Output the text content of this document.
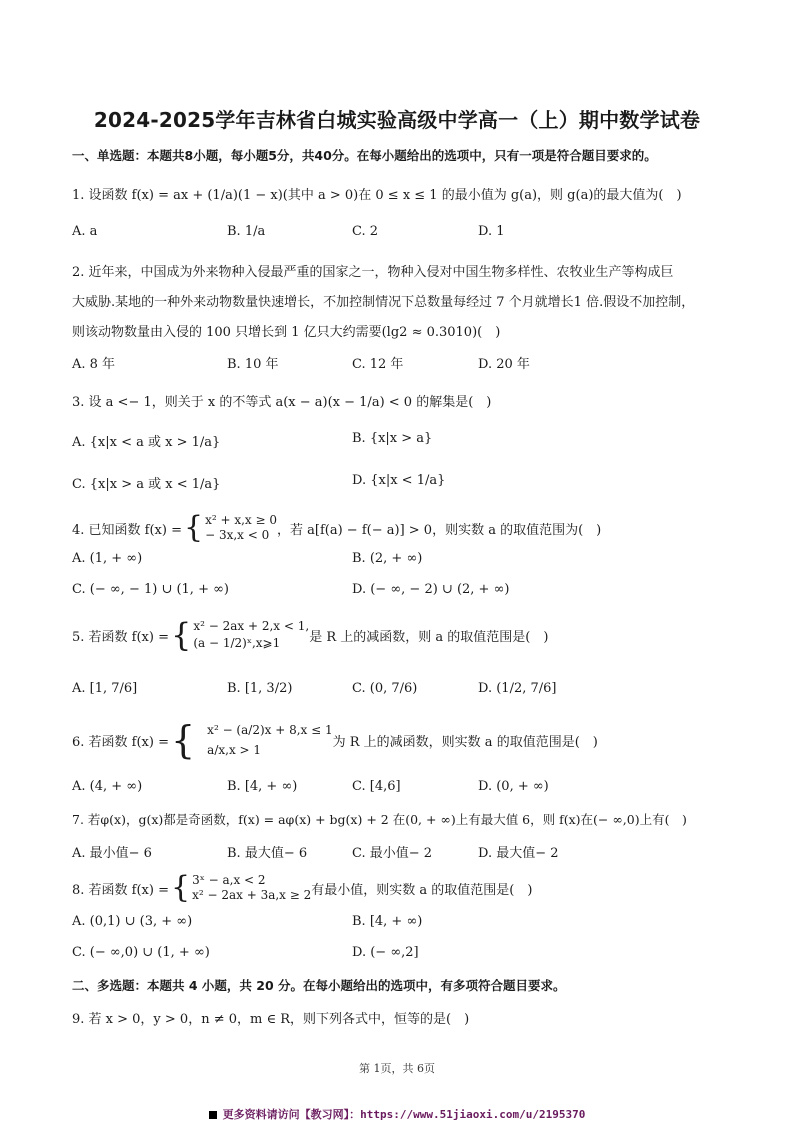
2024-2025学年吉林省白城实验高级中学高一（上）期中数学试卷
一、单选题：本题共8小题，每小题5分，共40分。在每小题给出的选项中，只有一项是符合题目要求的。
1. 设函数 f(x) = ax + (1/a)(1 − x)(其中 a > 0)在 0 ≤ x ≤ 1 的最小值为 g(a)，则 g(a)的最大值为(　)
A. a	B. 1/a	C. 2	D. 1
2. 近年来，中国成为外来物种入侵最严重的国家之一，物种入侵对中国生物多样性、农牧业生产等构成巨
大威胁.某地的一种外来动物数量快速增长，不加控制情况下总数量每经过 7 个月就增长1 倍.假设不加控制，
则该动物数量由入侵的 100 只增长到 1 亿只大约需要(lg2 ≈ 0.3010)(　)
A. 8 年	B. 10 年	C. 12 年	D. 20 年
3. 设 a <− 1，则关于 x 的不等式 a(x − a)(x − 1/a) < 0 的解集是(　)
A. {x|x < a 或 x > 1/a}	B. {x|x > a}
C. {x|x > a 或 x < 1/a}	D. {x|x < 1/a}
4. 已知函数 f(x) = { x² + x,x ≥ 0
− 3x,x < 0 ，若 a[f(a) − f(− a)] > 0，则实数 a 的取值范围为(　)
A. (1, + ∞)	B. (2, + ∞)
C. (− ∞, − 1) ∪ (1, + ∞)	D. (− ∞, − 2) ∪ (2, + ∞)
5. 若函数 f(x) = { x² − 2ax + 2,x < 1,
(a − 1/2)ˣ,x⩾1	是 R 上的减函数，则 a 的取值范围是(　)
A. [1, 7/6]	B. [1, 3/2)	C. (0, 7/6)	D. (1/2, 7/6]
6. 若函数 f(x) = { x² − (a/2)x + 8,x ≤ 1
a/x,x > 1
为 R 上的减函数，则实数 a 的取值范围是(　)
A. (4, + ∞)	B. [4, + ∞)	C. [4,6]	D. (0, + ∞)
7. 若φ(x)，g(x)都是奇函数，f(x) = aφ(x) + bg(x) + 2 在(0, + ∞)上有最大值 6，则 f(x)在(− ∞,0)上有(　)
A. 最小值− 6	B. 最大值− 6	C. 最小值− 2	D. 最大值− 2
8. 若函数 f(x) = { 3ˣ − a,x < 2
x² − 2ax + 3a,x ≥ 2 有最小值，则实数 a 的取值范围是(　)
A. (0,1) ∪ (3, + ∞)	B. [4, + ∞)
C. (− ∞,0) ∪ (1, + ∞)	D. (− ∞,2]
二、多选题：本题共 4 小题，共 20 分。在每小题给出的选项中，有多项符合题目要求。
9. 若 x > 0，y > 0，n ≠ 0，m ∈ R，则下列各式中，恒等的是(　)
第 1页，共 6页
更多资料请访问【教习网】：https://www.51jiaoxi.com/u/2195370
